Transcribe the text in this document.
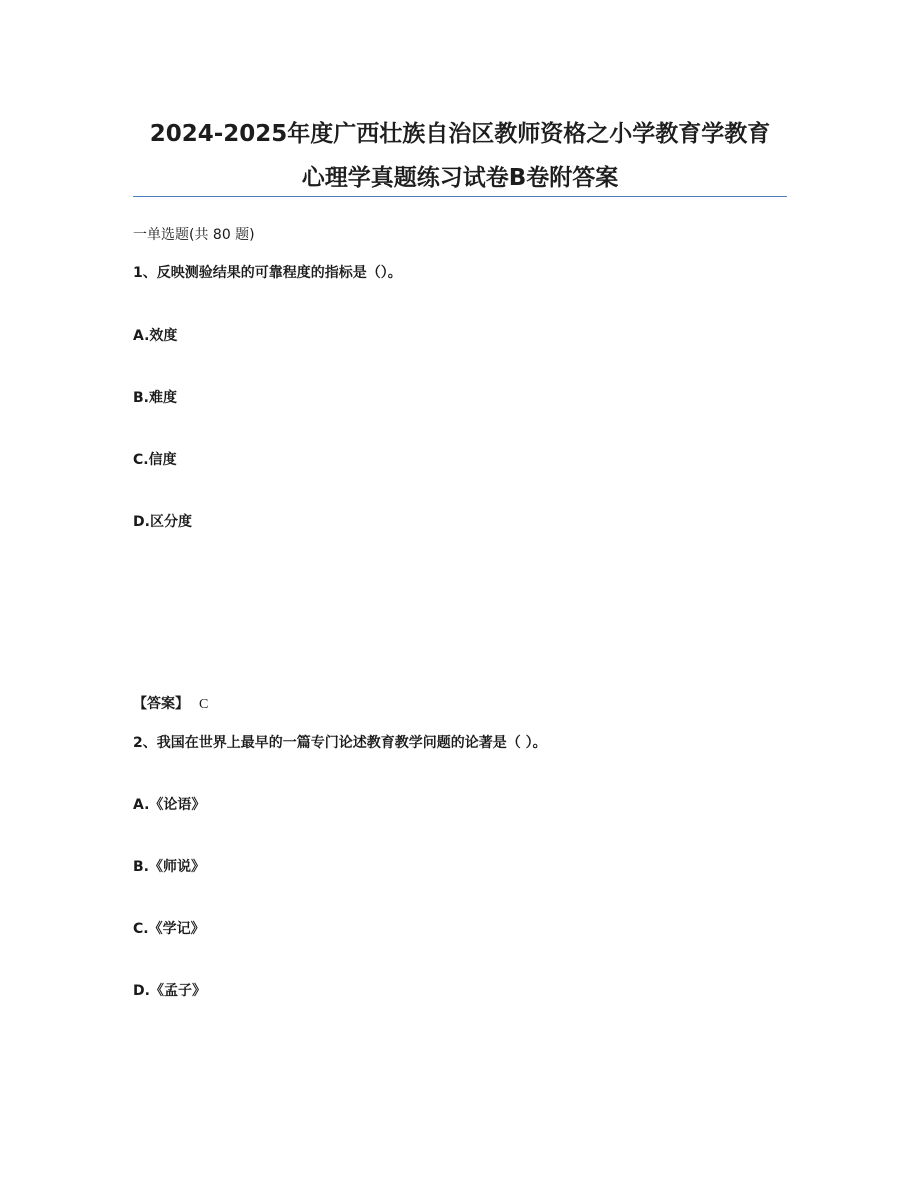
2024-2025年度广西壮族自治区教师资格之小学教育学教育
心理学真题练习试卷B卷附答案
一单选题(共 80 题)
1、反映测验结果的可靠程度的指标是（）。
A.效度
B.难度
C.信度
D.区分度
【答案】 C
2、我国在世界上最早的一篇专门论述教育教学问题的论著是（ ）。
A.《论语》
B.《师说》
C.《学记》
D.《孟子》
